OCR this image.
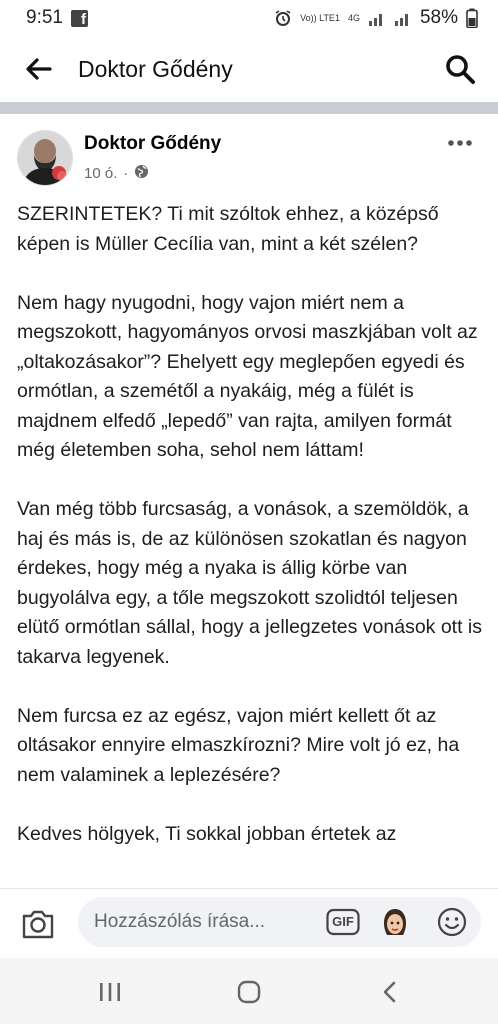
9:51	f	Vo)) LTE1 4G	58%
Doktor Gődény
Doktor Gődény
10 ó. ·

SZERINTETEK? Ti mit szóltok ehhez, a középső képen is Müller Cecília van, mint a két szélen?

Nem hagy nyugodni, hogy vajon miért nem a megszokott, hagyományos orvosi maszkjában volt az „oltakozásakor”? Ehelyett egy meglepően egyedi és ormótlan, a szemétől a nyakáig, még a fülét is majdnem elfedő „lepedő” van rajta, amilyen formát még életemben soha, sehol nem láttam!

Van még több furcsaság, a vonások, a szemöldök, a haj és más is, de az különösen szokatlan és nagyon érdekes, hogy még a nyaka is állig körbe van bugyolálva egy, a tőle megszokott szolidtól teljesen elütő ormótlan sállal, hogy a jellegzetes vonások ott is takarva legyenek.

Nem furcsa ez az egész, vajon miért kellett őt az oltásakor ennyire elmaszkírozni? Mire volt jó ez, ha nem valaminek a leplezésére?

Kedves hölgyek, Ti sokkal jobban értetek az

Hozzászólás írása...
GIF
